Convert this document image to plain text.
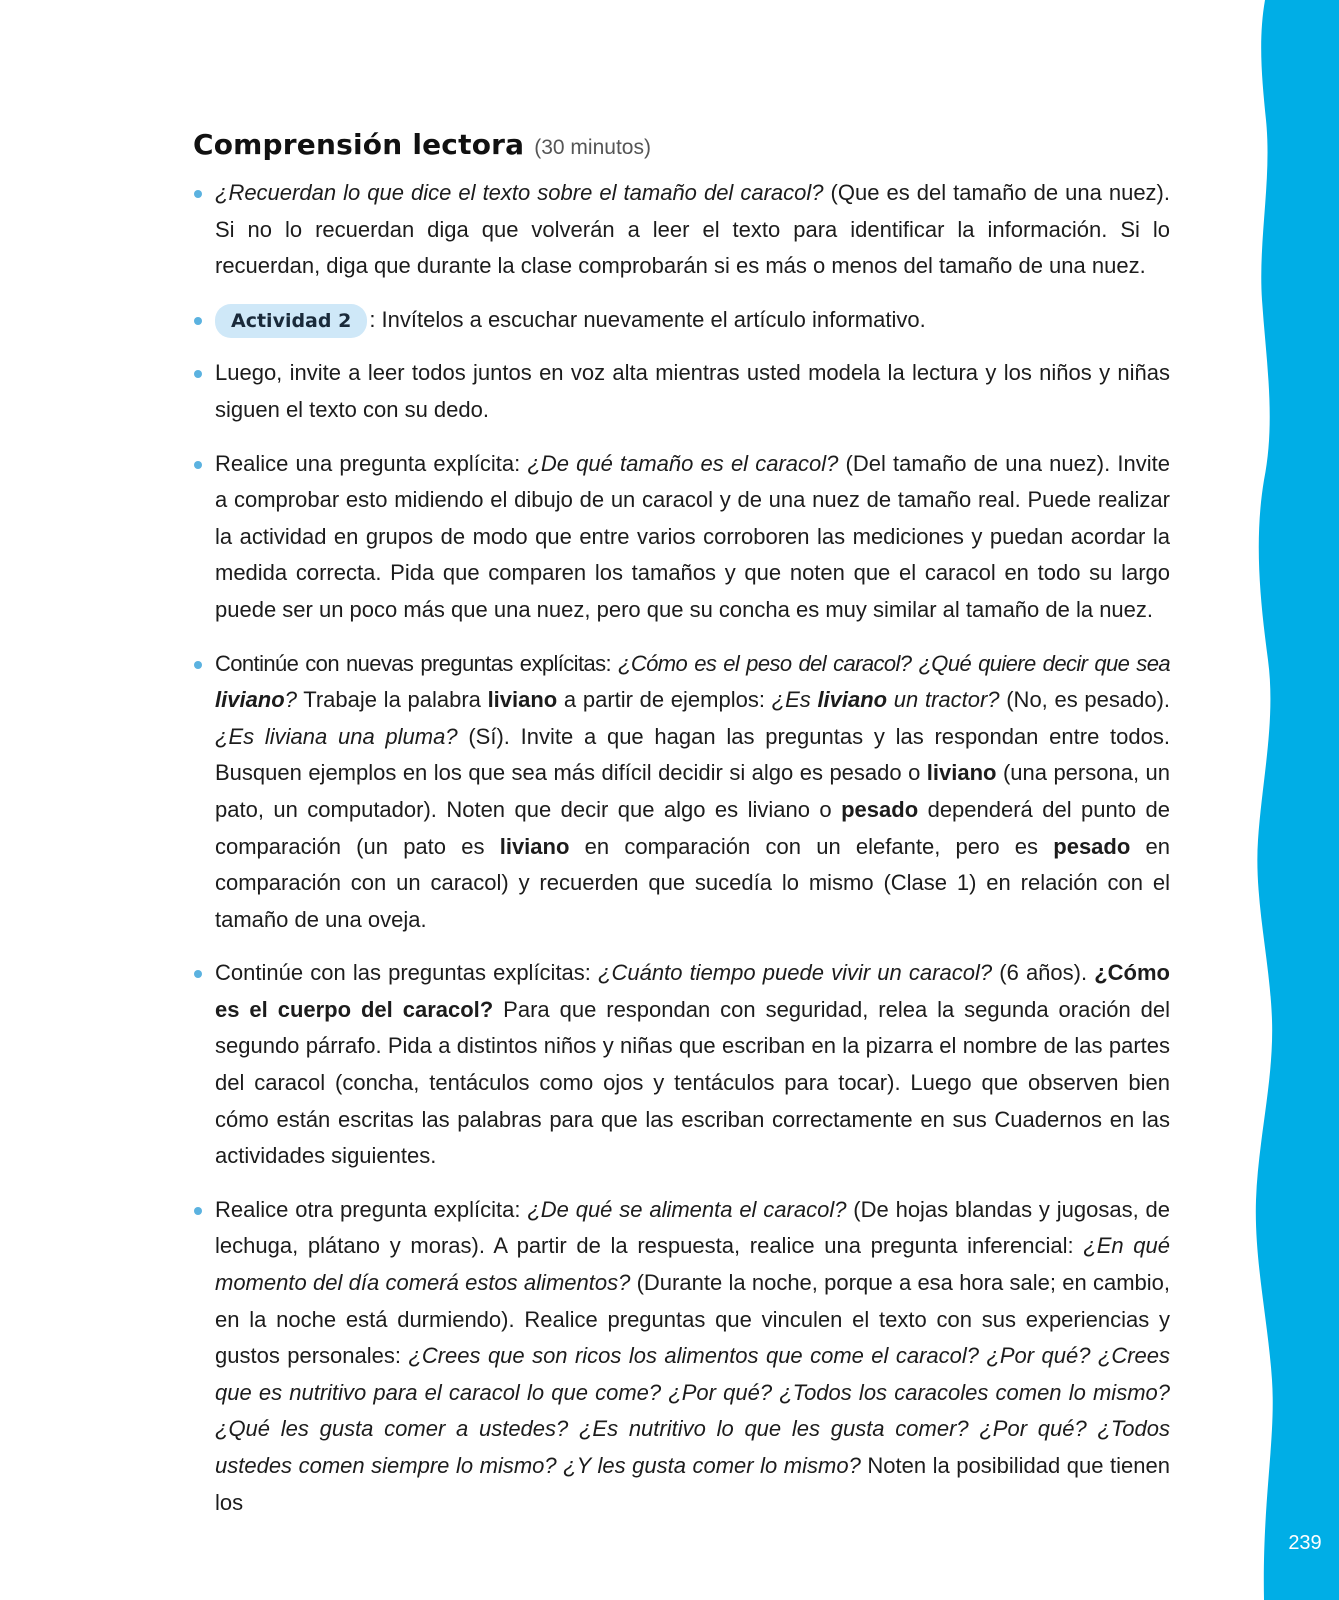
Comprensión lectora (30 minutos)
¿Recuerdan lo que dice el texto sobre el tamaño del caracol? (Que es del tamaño de una nuez). Si no lo recuerdan diga que volverán a leer el texto para identificar la información. Si lo recuerdan, diga que durante la clase comprobarán si es más o menos del tamaño de una nuez.
Actividad 2 : Invítelos a escuchar nuevamente el artículo informativo.
Luego, invite a leer todos juntos en voz alta mientras usted modela la lectura y los niños y niñas siguen el texto con su dedo.
Realice una pregunta explícita: ¿De qué tamaño es el caracol? (Del tamaño de una nuez). Invite a comprobar esto midiendo el dibujo de un caracol y de una nuez de tamaño real. Puede realizar la actividad en grupos de modo que entre varios corroboren las mediciones y puedan acordar la medida correcta. Pida que comparen los tamaños y que noten que el caracol en todo su largo puede ser un poco más que una nuez, pero que su concha es muy similar al tamaño de la nuez.
Continúe con nuevas preguntas explícitas: ¿Cómo es el peso del caracol? ¿Qué quiere decir que sea liviano? Trabaje la palabra liviano a partir de ejemplos: ¿Es liviano un tractor? (No, es pesado). ¿Es liviana una pluma? (Sí). Invite a que hagan las preguntas y las respondan entre todos. Busquen ejemplos en los que sea más difícil decidir si algo es pesado o liviano (una persona, un pato, un computador). Noten que decir que algo es liviano o pesado dependerá del punto de comparación (un pato es liviano en comparación con un elefante, pero es pesado en comparación con un caracol) y recuerden que sucedía lo mismo (Clase 1) en relación con el tamaño de una oveja.
Continúe con las preguntas explícitas: ¿Cuánto tiempo puede vivir un caracol? (6 años). ¿Cómo es el cuerpo del caracol? Para que respondan con seguridad, relea la segunda oración del segundo párrafo. Pida a distintos niños y niñas que escriban en la pizarra el nombre de las partes del caracol (concha, tentáculos como ojos y tentáculos para tocar). Luego que observen bien cómo están escritas las palabras para que las escriban correctamente en sus Cuadernos en las actividades siguientes.
Realice otra pregunta explícita: ¿De qué se alimenta el caracol? (De hojas blandas y jugosas, de lechuga, plátano y moras). A partir de la respuesta, realice una pregunta inferencial: ¿En qué momento del día comerá estos alimentos? (Durante la noche, porque a esa hora sale; en cambio, en la noche está durmiendo). Realice preguntas que vinculen el texto con sus experiencias y gustos personales: ¿Crees que son ricos los alimentos que come el caracol? ¿Por qué? ¿Crees que es nutritivo para el caracol lo que come? ¿Por qué? ¿Todos los caracoles comen lo mismo? ¿Qué les gusta comer a ustedes? ¿Es nutritivo lo que les gusta comer? ¿Por qué? ¿Todos ustedes comen siempre lo mismo? ¿Y les gusta comer lo mismo? Noten la posibilidad que tienen los
239
